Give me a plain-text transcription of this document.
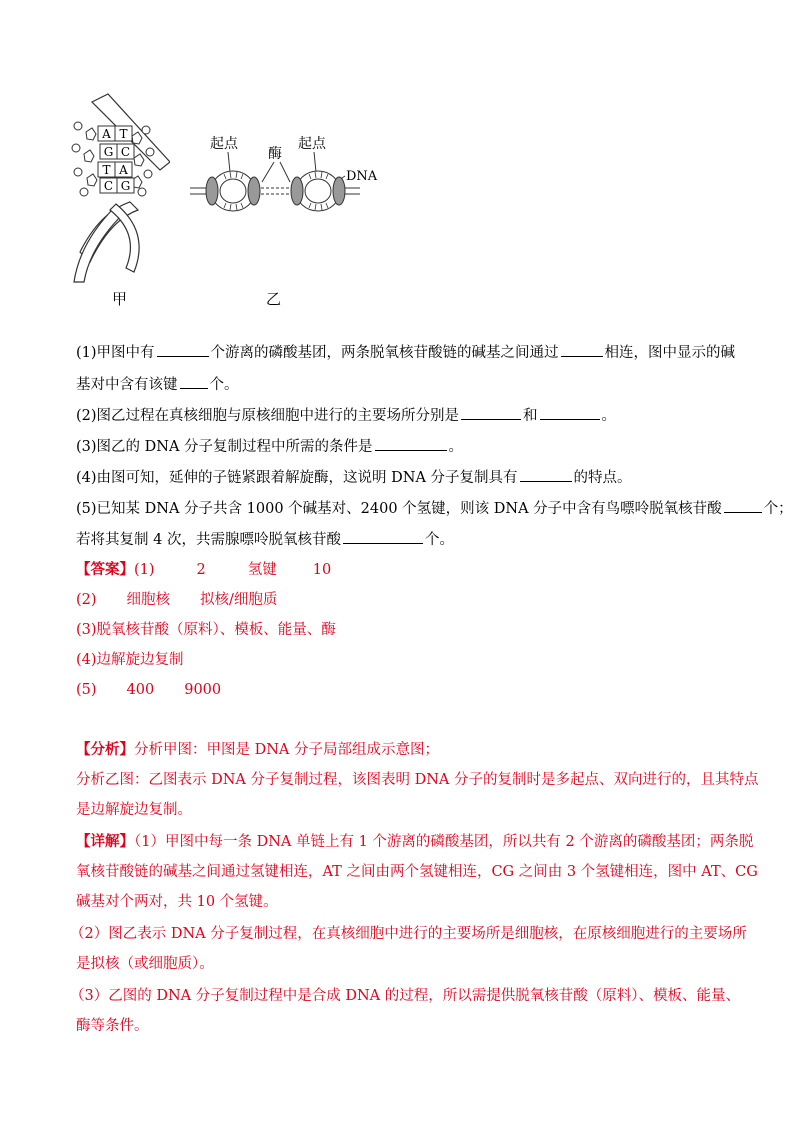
A T
G C
T A
C G
起点
酶
起点
DNA
甲	乙
(1)甲图中有	个游离的磷酸基团，两条脱氧核苷酸链的碱基之间通过	相连，图中显示的碱
基对中含有该键 个。
(2)图乙过程在真核细胞与原核细胞中进行的主要场所分别是	和	。
(3)图乙的 DNA 分子复制过程中所需的条件是	。
(4)由图可知，延伸的子链紧跟着解旋酶，这说明 DNA 分子复制具有	的特点。
(5)已知某 DNA 分子共含 1000 个碱基对、2400 个氢键，则该 DNA 分子中含有鸟嘌呤脱氧核苷酸	个；
若将其复制 4 次，共需腺嘌呤脱氧核苷酸	个。
【答案】(1)	2	氢键 10
(2) 细胞核 拟核/细胞质
(3)脱氧核苷酸（原料）、模板、能量、酶
(4)边解旋边复制
(5) 400 9000
【分析】分析甲图：甲图是 DNA 分子局部组成示意图；
分析乙图：乙图表示 DNA 分子复制过程，该图表明 DNA 分子的复制时是多起点、双向进行的，且其特点
是边解旋边复制。
【详解】（1）甲图中每一条 DNA 单链上有 1 个游离的磷酸基团，所以共有 2 个游离的磷酸基团；两条脱
氧核苷酸链的碱基之间通过氢键相连，AT 之间由两个氢键相连，CG 之间由 3 个氢键相连，图中 AT、CG
碱基对个两对，共 10 个氢键。
（2）图乙表示 DNA 分子复制过程，在真核细胞中进行的主要场所是细胞核，在原核细胞进行的主要场所
是拟核（或细胞质）。
（3）乙图的 DNA 分子复制过程中是合成 DNA 的过程，所以需提供脱氧核苷酸（原料）、模板、能量、
酶等条件。
